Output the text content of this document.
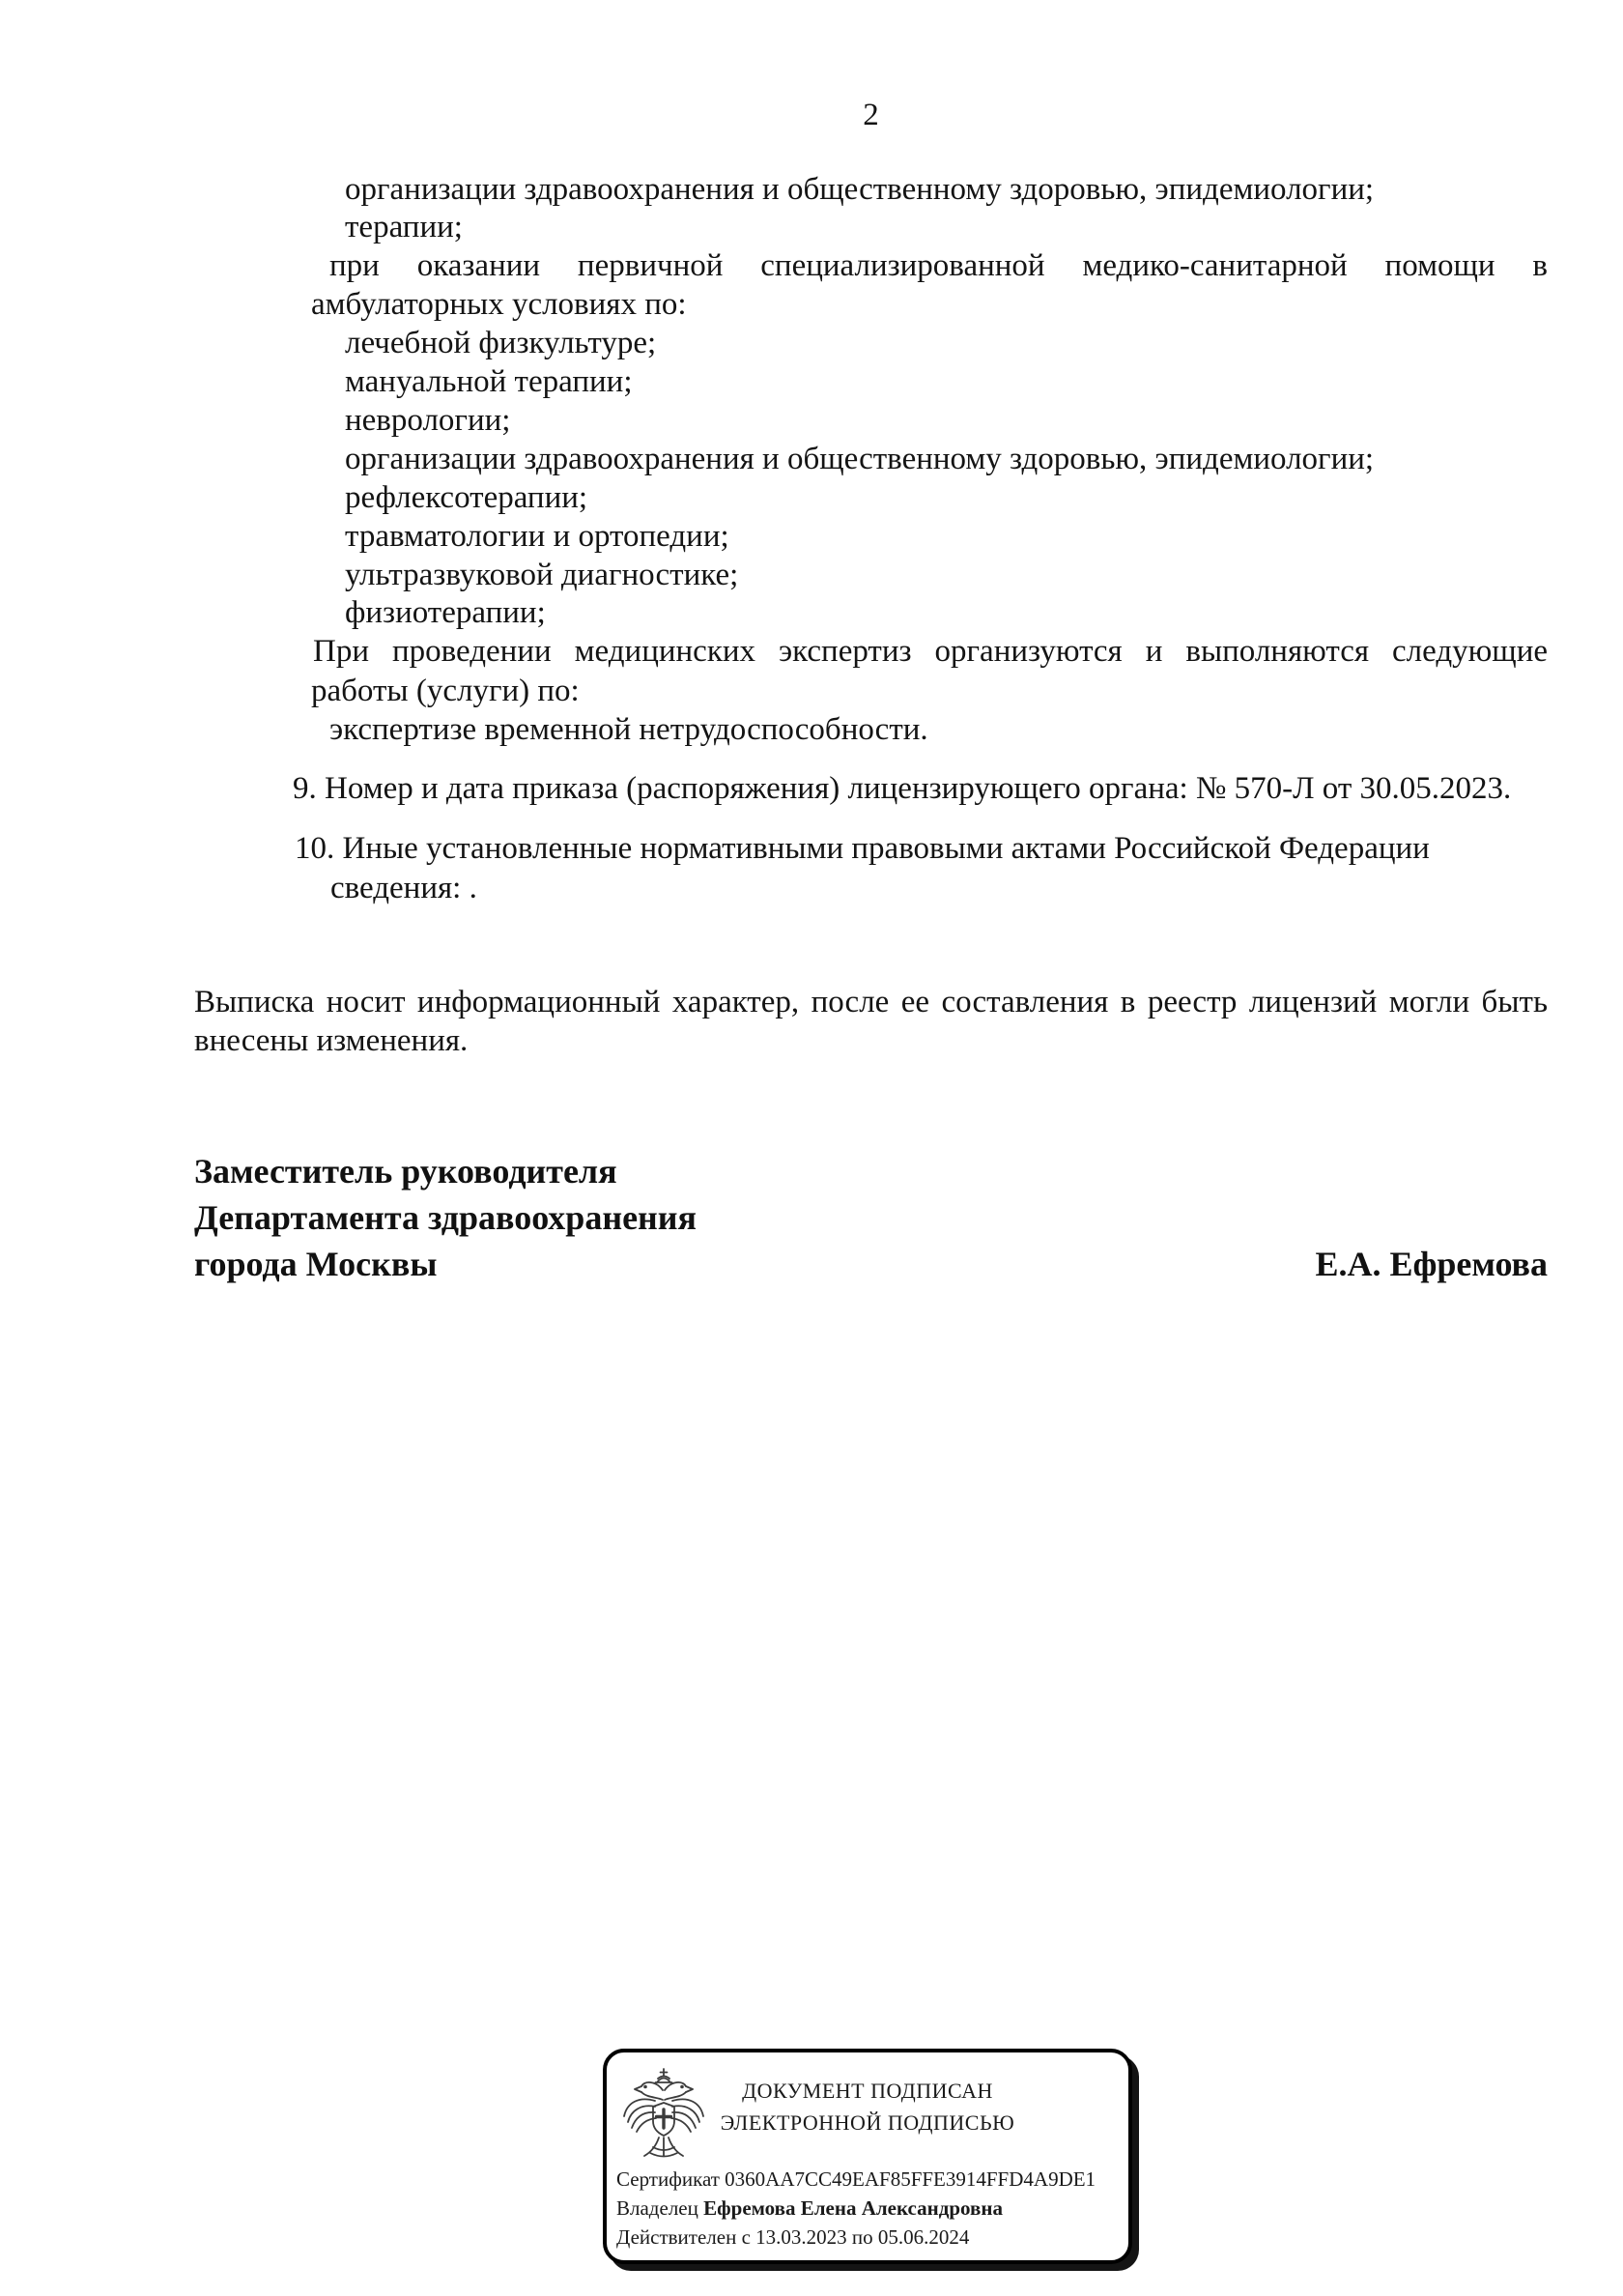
2
Заместитель руководителя
Департамента здравоохранения
города Москвы	Е.А. Ефремова
ДОКУМЕНТ ПОДПИСАН
ЭЛЕКТРОННОЙ ПОДПИСЬЮ
Сертификат 0360AA7CC49EAF85FFE3914FFD4A9DE1
Владелец Ефремова Елена Александровна
Действителен с 13.03.2023 по 05.06.2024
организации здравоохранения и общественному здоровью, эпидемиологии;
терапии;
при оказании первичной специализированной медико-санитарной помощи в
амбулаторных условиях по:
лечебной физкультуре;
мануальной терапии;
неврологии;
организации здравоохранения и общественному здоровью, эпидемиологии;
рефлексотерапии;
травматологии и ортопедии;
ультразвуковой диагностике;
физиотерапии;
При проведении медицинских экспертиз организуются и выполняются следующие
работы (услуги) по:
экспертизе временной нетрудоспособности.
9. Номер и дата приказа (распоряжения) лицензирующего органа: № 570-Л от 30.05.2023.
10. Иные установленные нормативными правовыми актами Российской Федерации
сведения: .
Выписка носит информационный характер, после ее составления в реестр лицензий могли быть
внесены изменения.
